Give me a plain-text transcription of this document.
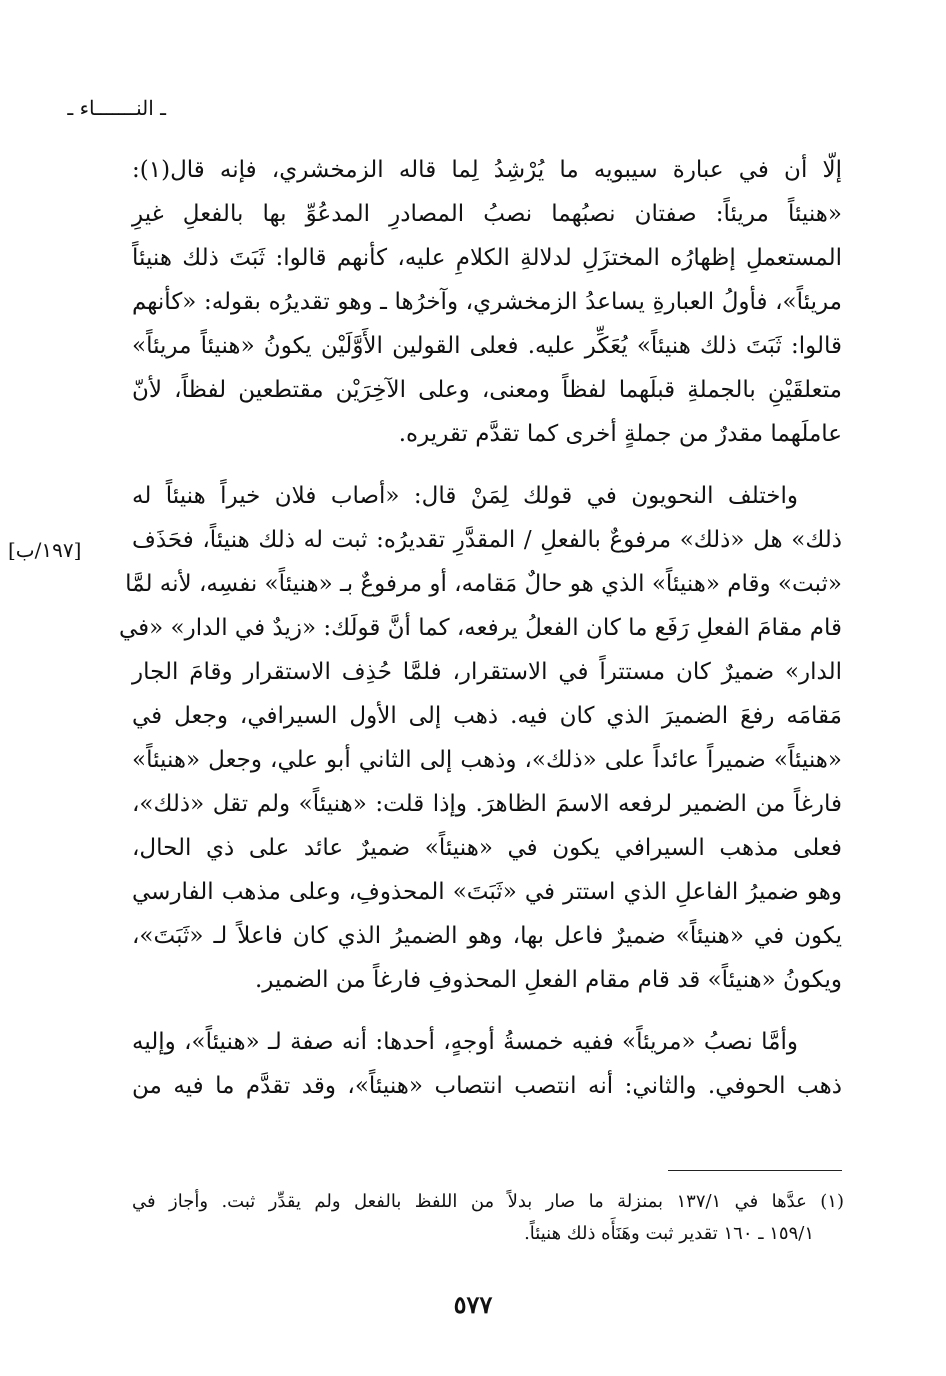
ـ النـــــــاء ـ
إلّا أن في عبارة سيبويه ما يُرْشِدُ لِما قاله الزمخشري، فإنه قال(١):
«هنيئاً مريئاً: صفتان نصبُهما نصبُ المصادرِ المدعُوِّ بها بالفعلِ غيرِ
المستعملِ إظهارُه المختزَلِ لدلالةِ الكلامِ عليه، كأنهم قالوا: ثَبَتَ ذلك هنيئاً
مريئاً»، فأولُ العبارةِ يساعدُ الزمخشري، وآخرُها ـ وهو تقديرُه بقوله: «كأنهم
قالوا: ثَبَتَ ذلك هنيئاً» يُعَكِّر عليه. فعلى القولين الأَوَّلَيْن يكونُ «هنيئاً مريئاً»
متعلقَيْنِ بالجملةِ قبلَهما لفظاً ومعنى، وعلى الآخِرَيْن مقتطعين لفظاً، لأنّ
عاملَهما مقدرٌ من جملةٍ أخرى كما تقدَّم تقريره.
واختلف النحويون في قولك لِمَنْ قال: «أصاب فلان خيراً هنيئاً له
ذلك» هل «ذلك» مرفوعٌ بالفعلِ / المقدَّرِ تقديرُه: ثبت له ذلك هنيئاً، فحَذَف
«ثبت» وقام «هنيئاً» الذي هو حالٌ مَقامه، أو مرفوعٌ بـ «هنيئاً» نفسِه، لأنه لمَّا
قام مقامَ الفعلِ رَفَع ما كان الفعلُ يرفعه، كما أنَّ قولَك: «زيدٌ في الدار» «في
الدار» ضميرٌ كان مستتراً في الاستقرار، فلمَّا حُذِف الاستقرار وقامَ الجار
مَقامَه رفعَ الضميرَ الذي كان فيه. ذهب إلى الأول السيرافي، وجعل في
«هنيئاً» ضميراً عائداً على «ذلك»، وذهب إلى الثاني أبو علي، وجعل «هنيئاً»
فارغاً من الضمير لرفعه الاسمَ الظاهرَ. وإذا قلت: «هنيئاً» ولم تقل «ذلك»،
فعلى مذهب السيرافي يكون في «هنيئاً» ضميرٌ عائد على ذي الحال،
وهو ضميرُ الفاعلِ الذي استتر في «ثَبَتَ» المحذوفِ، وعلى مذهب الفارسي
يكون في «هنيئاً» ضميرٌ فاعل بها، وهو الضميرُ الذي كان فاعلاً لـ «ثَبَتَ»،
ويكونُ «هنيئاً» قد قام مقام الفعلِ المحذوفِ فارغاً من الضمير.
وأمَّا نصبُ «مريئاً» ففيه خمسةُ أوجهٍ، أحدها: أنه صفة لـ «هنيئاً»، وإليه
ذهب الحوفي. والثاني: أنه انتصب انتصاب «هنيئاً»، وقد تقدَّم ما فيه من
[١٩٧/ب]
(١) عدَّها في ١٣٧/١ بمنزلة ما صار بدلاً من اللفظ بالفعل ولم يقدِّر ثبت. وأجاز في
١٥٩/١ ـ ١٦٠ تقدير ثبت وهَنَأَه ذلك هنيئاً.
٥٧٧
